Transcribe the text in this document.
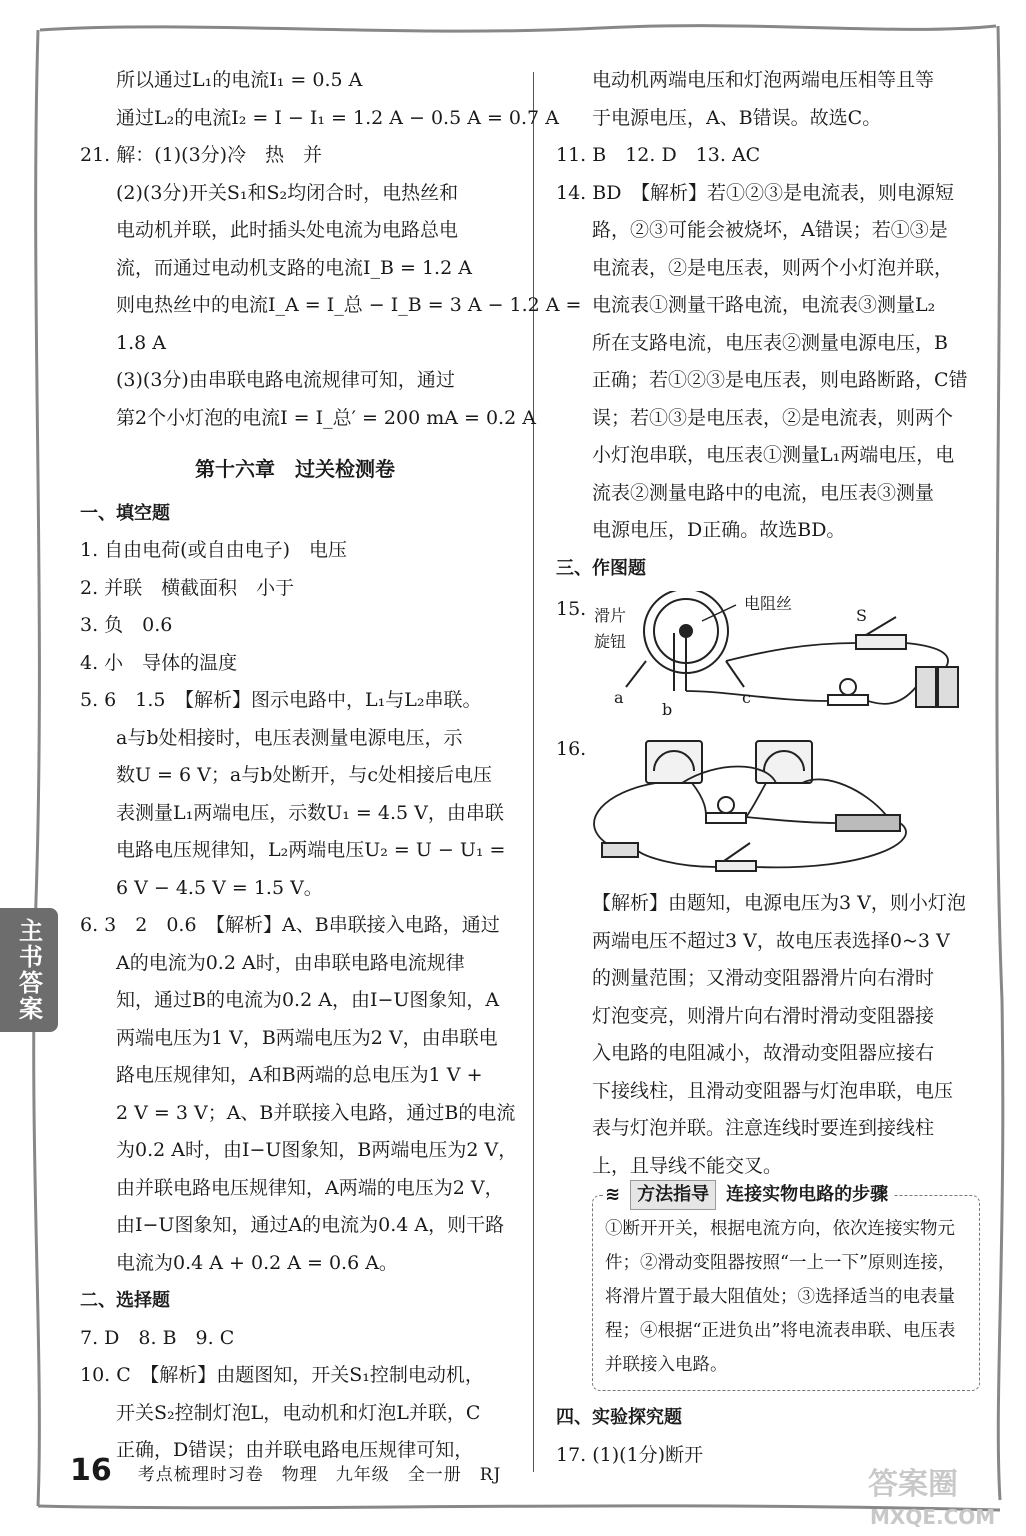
所以通过L₁的电流I₁ = 0.5 A
通过L₂的电流I₂ = I − I₁ = 1.2 A − 0.5 A = 0.7 A
21. 解：(1)(3分)冷　热　并
(2)(3分)开关S₁和S₂均闭合时，电热丝和
电动机并联，此时插头处电流为电路总电
流，而通过电动机支路的电流I_B = 1.2 A
则电热丝中的电流I_A = I_总 − I_B = 3 A − 1.2 A =
1.8 A
(3)(3分)由串联电路电流规律可知，通过
第2个小灯泡的电流I = I_总′ = 200 mA = 0.2 A
第十六章　过关检测卷
一、填空题
1. 自由电荷(或自由电子)　电压
2. 并联　横截面积　小于
3. 负　0.6
4. 小　导体的温度
5. 6　1.5　【解析】图示电路中，L₁与L₂串联。
a与b处相接时，电压表测量电源电压，示
数U = 6 V；a与b处断开，与c处相接后电压
表测量L₁两端电压，示数U₁ = 4.5 V，由串联
电路电压规律知，L₂两端电压U₂ = U − U₁ =
6 V − 4.5 V = 1.5 V。
6. 3　2　0.6　【解析】A、B串联接入电路，通过
A的电流为0.2 A时，由串联电路电流规律
知，通过B的电流为0.2 A，由I−U图象知，A
两端电压为1 V，B两端电压为2 V，由串联电
路电压规律知，A和B两端的总电压为1 V +
2 V = 3 V；A、B并联接入电路，通过B的电流
为0.2 A时，由I−U图象知，B两端电压为2 V，
由并联电路电压规律知，A两端的电压为2 V，
由I−U图象知，通过A的电流为0.4 A，则干路
电流为0.4 A + 0.2 A = 0.6 A。
二、选择题
7. D　8. B　9. C
10. C　【解析】由题图知，开关S₁控制电动机，
开关S₂控制灯泡L，电动机和灯泡L并联，C
正确，D错误；由并联电路电压规律可知，
电动机两端电压和灯泡两端电压相等且等
于电源电压，A、B错误。故选C。
11. B　12. D　13. AC
14. BD　【解析】若①②③是电流表，则电源短
路，②③可能会被烧坏，A错误；若①③是
电流表，②是电压表，则两个小灯泡并联，
电流表①测量干路电流，电流表③测量L₂
所在支路电流，电压表②测量电源电压，B
正确；若①②③是电压表，则电路断路，C错
误；若①③是电压表，②是电流表，则两个
小灯泡串联，电压表①测量L₁两端电压，电
流表②测量电路中的电流，电压表③测量
电源电压，D正确。故选BD。
三、作图题
15. 滑片
旋钮
电阻丝
S
a
b
c
16.
【解析】由题知，电源电压为3 V，则小灯泡
两端电压不超过3 V，故电压表选择0~3 V
的测量范围；又滑动变阻器滑片向右滑时
灯泡变亮，则滑片向右滑时滑动变阻器接
入电路的电阻减小，故滑动变阻器应接右
下接线柱，且滑动变阻器与灯泡串联，电压
表与灯泡并联。注意连线时要连到接线柱
上，且导线不能交叉。
≋ 方法指导 连接实物电路的步骤
①断开开关，根据电流方向，依次连接实物元件；②滑动变阻器按照“一上一下”原则连接，将滑片置于最大阻值处；③选择适当的电表量程；④根据“正进负出”将电流表串联、电压表并联接入电路。
四、实验探究题
17. (1)(1分)断开
主书答案
16 考点梳理时习卷　物理　九年级　全一册　RJ	答案圈
MXQE.COM
